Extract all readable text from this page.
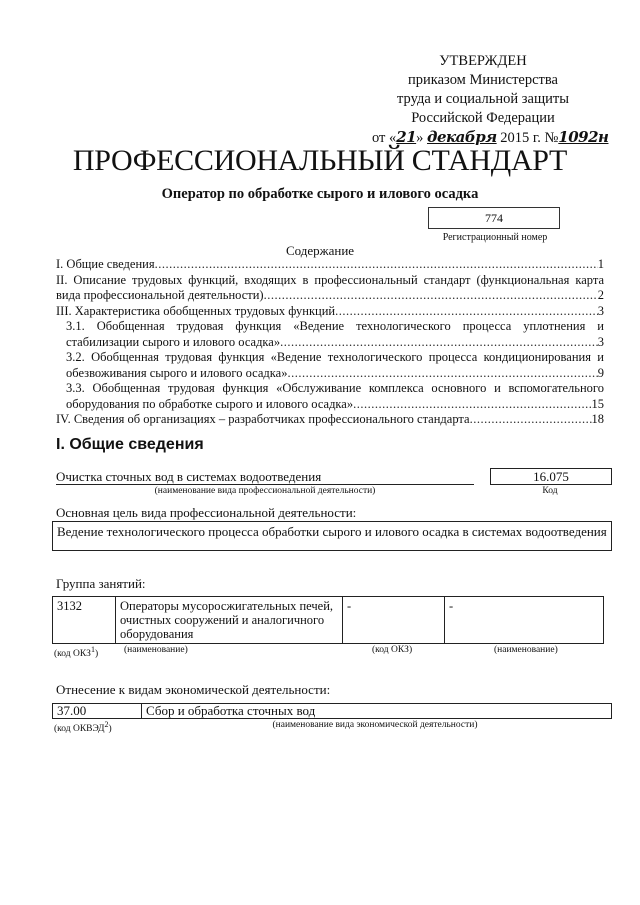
УТВЕРЖДЕН
приказом Министерства
труда и социальной защиты
Российской Федерации
от «21» декабря 2015 г. №1092н
ПРОФЕССИОНАЛЬНЫЙ СТАНДАРТ
Оператор по обработке сырого и илового осадка
774
Регистрационный номер
Содержание
I. Общие сведения .....	1
II. Описание трудовых функций, входящих в профессиональный стандарт (функциональная карта
вида профессиональной деятельности) .....	2
III. Характеристика обобщенных трудовых функций .....	3
3.1. Обобщенная трудовая функция «Ведение технологического процесса уплотнения и
стабилизации сырого и илового осадка» .....	3
3.2. Обобщенная трудовая функция «Ведение технологического процесса кондиционирования и
обезвоживания сырого и илового осадка» .....	9
3.3. Обобщенная трудовая функция «Обслуживание комплекса основного и вспомогательного
оборудования по обработке сырого и илового осадка» .....	15
IV. Сведения об организациях – разработчиках профессионального стандарта .....	18
I. Общие сведения
Очистка сточных вод в системах водоотведения	16.075
(наименование вида профессиональной деятельности)	Код
Основная цель вида профессиональной деятельности:
Ведение технологического процесса обработки сырого и илового осадка в системах водоотведения
Группа занятий:
3132	Операторы мусоросжигательных печей, очистных сооружений и аналогичного оборудования	-	-
(код ОКЗ$^1$)	(наименование)	(код ОКЗ)	(наименование)
Отнесение к видам экономической деятельности:
37.00	Сбор и обработка сточных вод
(код ОКВЭД$^2$)	(наименование вида экономической деятельности)
